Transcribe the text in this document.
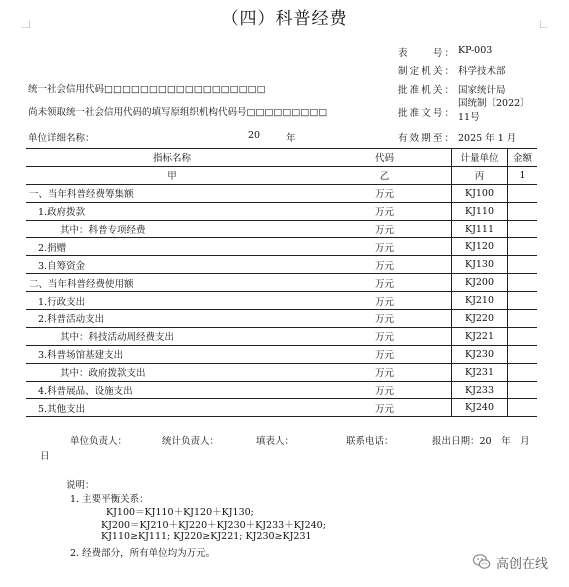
（四）科普经费
表　　号： KP-003
制定机关： 科学技术部
批准机关： 国家统计局
批准文号：
国统制〔2022〕11号
有效期至： 2025 年 1 月
统一社会信用代码□□□□□□□□□□□□□□□□□□
尚未领取统一社会信用代码的填写原组织机构代码号□□□□□□□□□
单位详细名称：	20	年
指标名称	代码	计量单位	金额
甲	乙	丙	1
一、当年科普经费筹集额	万元	KJ100	
1.政府拨款	万元	KJ110	
其中：科普专项经费	万元	KJ111	
2.捐赠	万元	KJ120	
3.自筹资金	万元	KJ130	
二、当年科普经费使用额	万元	KJ200	
1.行政支出	万元	KJ210	
2.科普活动支出	万元	KJ220	
其中：科技活动周经费支出	万元	KJ221	
3.科普场馆基建支出	万元	KJ230	
其中：政府拨款支出	万元	KJ231	
4.科普展品、设施支出	万元	KJ233	
5.其他支出	万元	KJ240	
单位负责人：	统计负责人：	填表人：	联系电话：	报出日期：20　年　月
日
说明：
1. 主要平衡关系：
KJ100＝KJ110＋KJ120＋KJ130;
KJ200＝KJ210＋KJ220＋KJ230＋KJ233＋KJ240;
KJ110≥KJ111; KJ220≥KJ221; KJ230≥KJ231
2. 经费部分，所有单位均为万元。
高创在线
